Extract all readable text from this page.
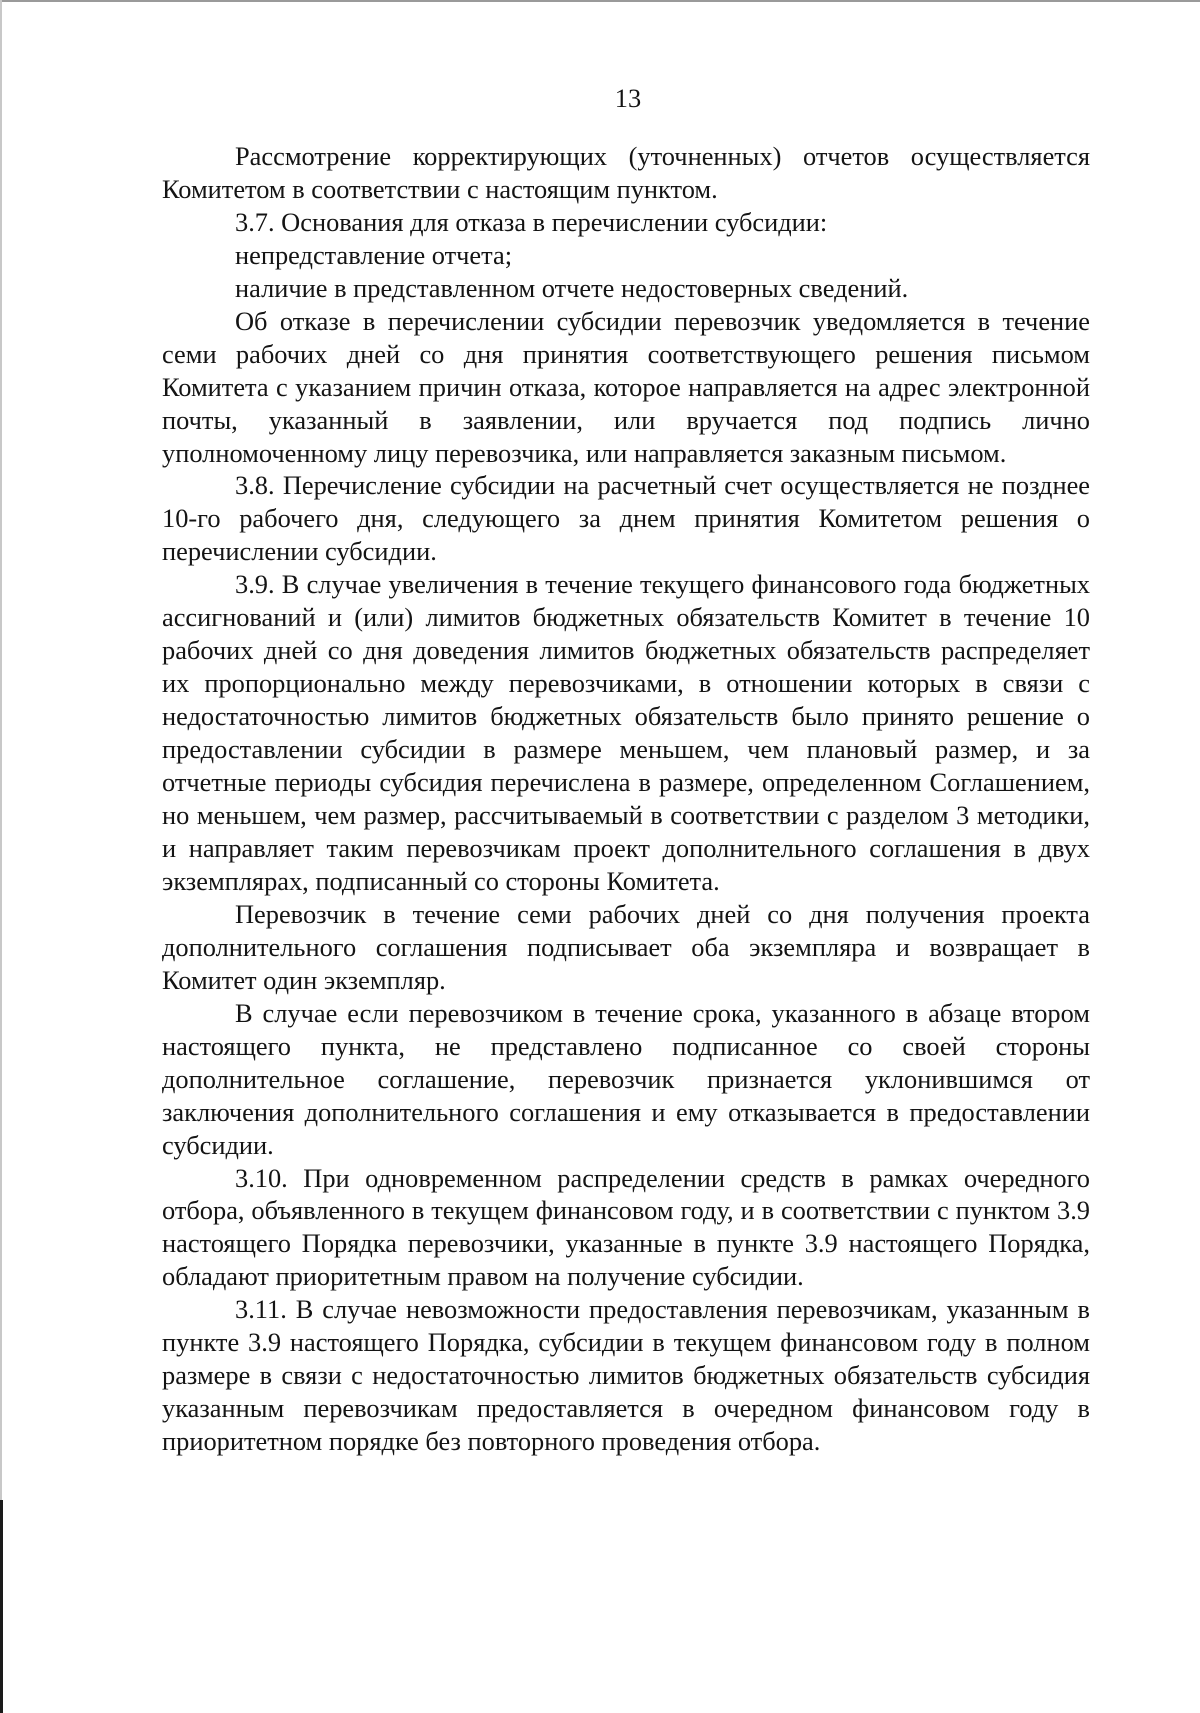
13

Рассмотрение корректирующих (уточненных) отчетов осуществляется Комитетом в соответствии с настоящим пунктом.

3.7. Основания для отказа в перечислении субсидии:

непредставление отчета;

наличие в представленном отчете недостоверных сведений.

Об отказе в перечислении субсидии перевозчик уведомляется в течение семи рабочих дней со дня принятия соответствующего решения письмом Комитета с указанием причин отказа, которое направляется на адрес электронной почты, указанный в заявлении, или вручается под подпись лично уполномоченному лицу перевозчика, или направляется заказным письмом.

3.8. Перечисление субсидии на расчетный счет осуществляется не позднее 10-го рабочего дня, следующего за днем принятия Комитетом решения о перечислении субсидии.

3.9. В случае увеличения в течение текущего финансового года бюджетных ассигнований и (или) лимитов бюджетных обязательств Комитет в течение 10 рабочих дней со дня доведения лимитов бюджетных обязательств распределяет их пропорционально между перевозчиками, в отношении которых в связи с недостаточностью лимитов бюджетных обязательств было принято решение о предоставлении субсидии в размере меньшем, чем плановый размер, и за отчетные периоды субсидия перечислена в размере, определенном Соглашением, но меньшем, чем размер, рассчитываемый в соответствии с разделом 3 методики, и направляет таким перевозчикам проект дополнительного соглашения в двух экземплярах, подписанный со стороны Комитета.

Перевозчик в течение семи рабочих дней со дня получения проекта дополнительного соглашения подписывает оба экземпляра и возвращает в Комитет один экземпляр.

В случае если перевозчиком в течение срока, указанного в абзаце втором настоящего пункта, не представлено подписанное со своей стороны дополнительное соглашение, перевозчик признается уклонившимся от заключения дополнительного соглашения и ему отказывается в предоставлении субсидии.

3.10. При одновременном распределении средств в рамках очередного отбора, объявленного в текущем финансовом году, и в соответствии с пунктом 3.9 настоящего Порядка перевозчики, указанные в пункте 3.9 настоящего Порядка, обладают приоритетным правом на получение субсидии.

3.11. В случае невозможности предоставления перевозчикам, указанным в пункте 3.9 настоящего Порядка, субсидии в текущем финансовом году в полном размере в связи с недостаточностью лимитов бюджетных обязательств субсидия указанным перевозчикам предоставляется в очередном финансовом году в приоритетном порядке без повторного проведения отбора.
